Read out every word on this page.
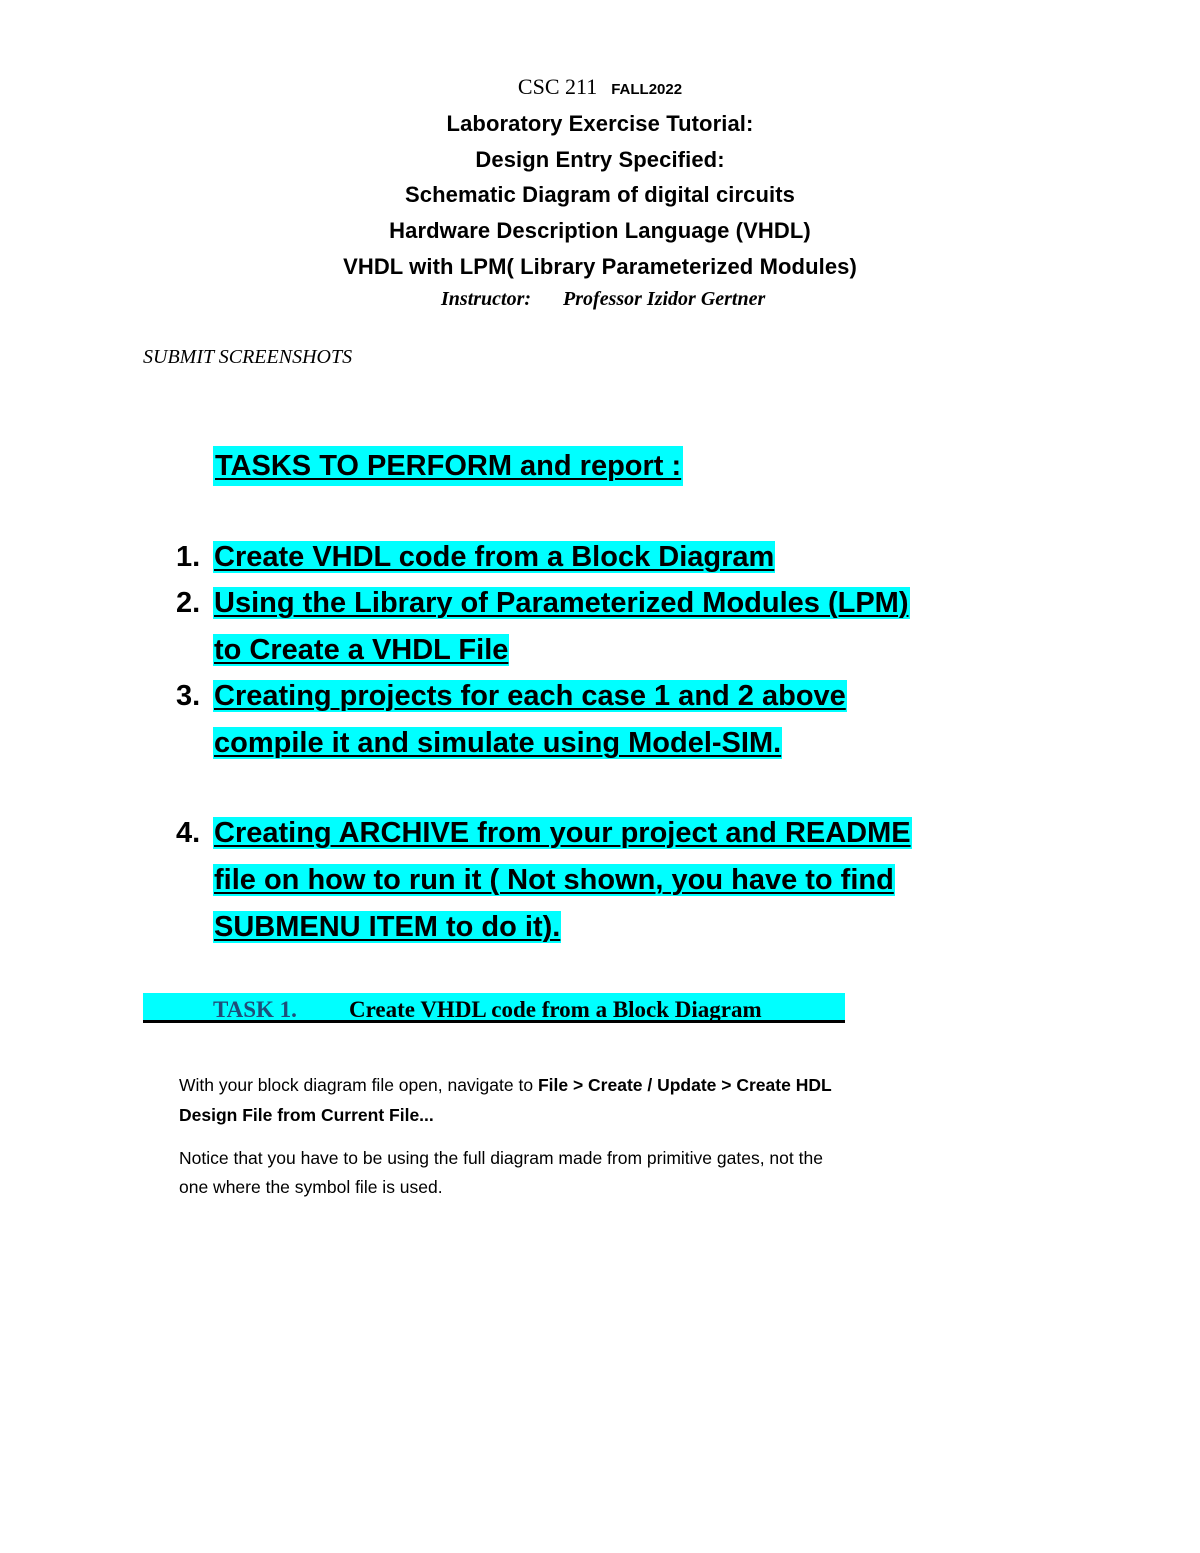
CSC 211 FALL2022
Laboratory Exercise Tutorial:
Design Entry Specified:
Schematic Diagram of digital circuits
Hardware Description Language (VHDL)
VHDL with LPM( Library Parameterized Modules)
Instructor: Professor Izidor Gertner
SUBMIT SCREENSHOTS
TASKS TO PERFORM and report :
1. Create VHDL code from a Block Diagram
2. Using the Library of Parameterized Modules (LPM)
to Create a VHDL File
3. Creating projects for each case 1 and 2 above
compile it and simulate using Model-SIM.
4. Creating ARCHIVE from your project and README
file on how to run it ( Not shown, you have to find
SUBMENU ITEM to do it).
TASK 1. Create VHDL code from a Block Diagram
With your block diagram file open, navigate to File > Create / Update > Create HDL
Design File from Current File...
Notice that you have to be using the full diagram made from primitive gates, not the
one where the symbol file is used.
